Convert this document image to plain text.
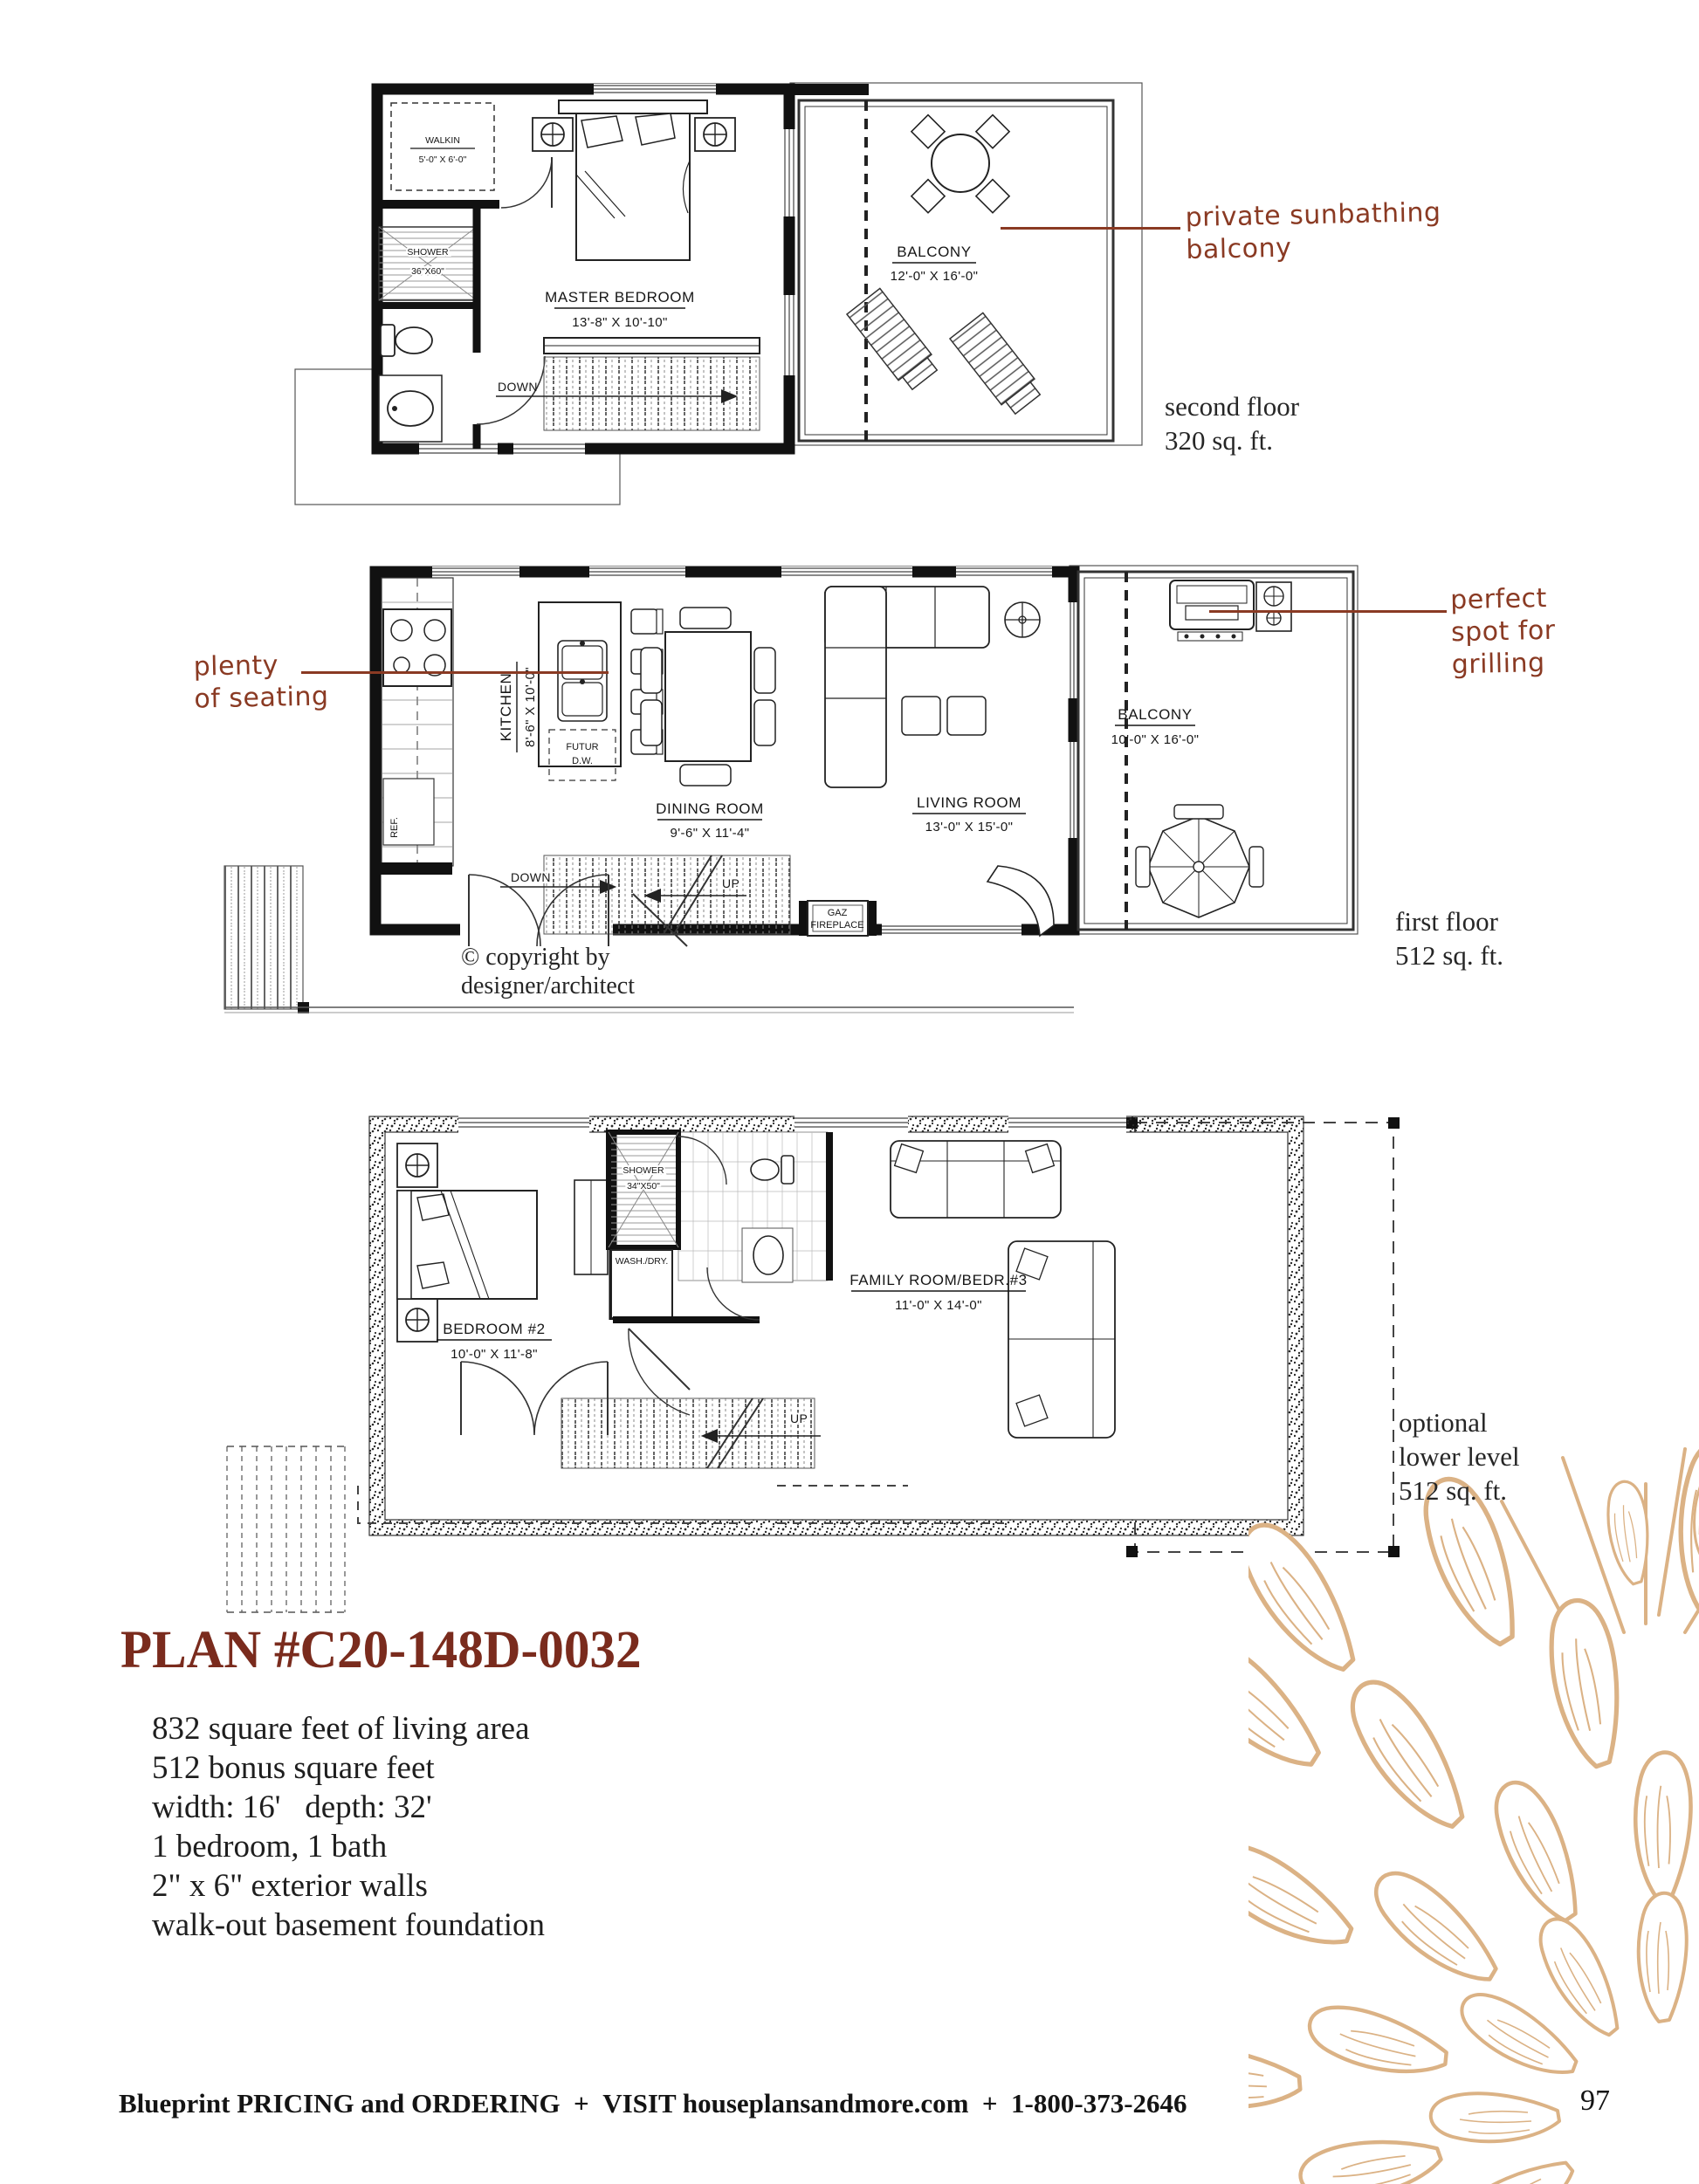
WALKIN
5'-0" X 6'-0"
SHOWER
36"X60"
MASTER BEDROOM
13'-8" X 10'-10"
DOWN
BALCONY
12'-0" X 16'-0"
REF.
KITCHEN 8'-6" X 10'-0"	FUTUR
D.W.
DINING ROOM
9'-6" X 11'-4"
LIVING ROOM
13'-0" X 15'-0"
GAZ
FIREPLACE
DOWN	UP
BALCONY
10'-0" X 16'-0"
BEDROOM #2
10'-0" X 11'-8"
SHOWER
34"X50"
WASH./DRY.
FAMILY ROOM/BEDR.#3
11'-0" X 14'-0"
UP
private sunbathing
balcony
plenty
of seating
perfect
spot for
grilling
second floor
320 sq. ft.
first floor
512 sq. ft.
optional
lower level
512 sq. ft.
© copyright by
designer/architect
PLAN #C20-148D-0032
832 square feet of living area
512 bonus square feet
width: 16'   depth: 32'
1 bedroom, 1 bath
2" x 6" exterior walls
walk-out basement foundation
Blueprint PRICING and ORDERING  +  VISIT houseplansandmore.com  +  1-800-373-2646	97
